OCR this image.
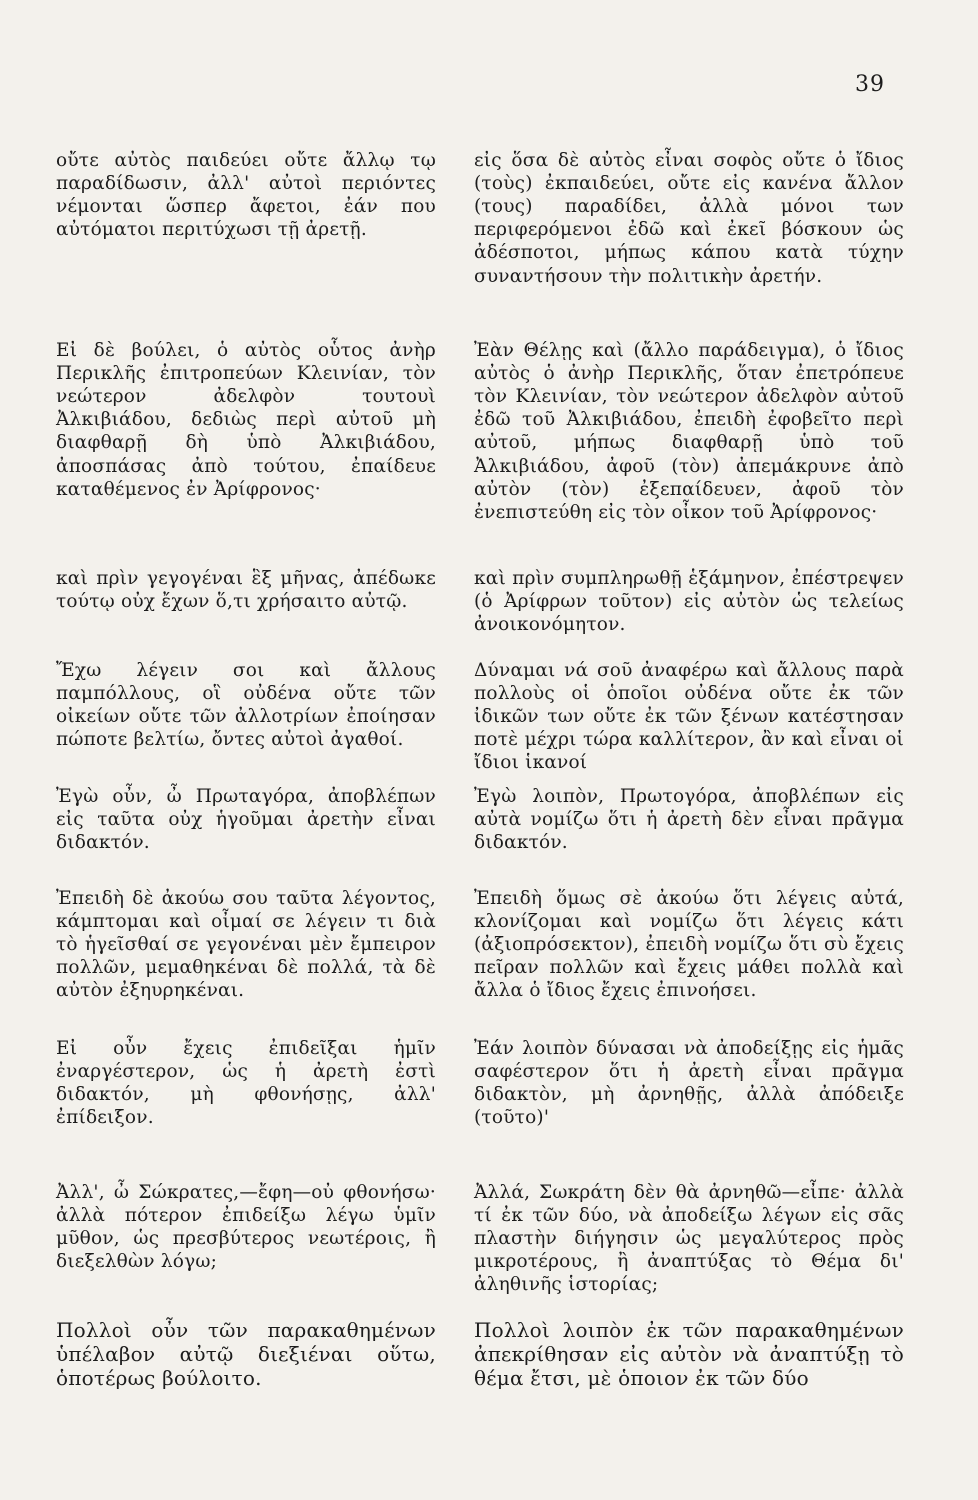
39

οὔτε αὐτὸς παιδεύει οὔτε ἄλλῳ τῳ παραδίδωσιν, ἀλλ' αὐτοὶ περιόντες νέμονται ὥσπερ ἄφετοι, ἐάν που αὐτόματοι περιτύχωσι τῇ ἀρετῇ.

Εἰ δὲ βούλει, ὁ αὐτὸς οὗτος ἀνὴρ Περικλῆς ἐπιτροπεύων Κλεινίαν, τὸν νεώτερον ἀδελφὸν τουτουὶ Ἀλκιβιάδου, δεδιὼς περὶ αὐτοῦ μὴ διαφθαρῇ δὴ ὑπὸ Ἀλκιβιάδου, ἀποσπάσας ἀπὸ τούτου, ἐπαίδευε καταθέμενος ἐν Ἀρίφρονος·

καὶ πρὶν γεγογέναι ἓξ μῆνας, ἀπέδωκε τούτῳ οὐχ ἔχων ὅ,τι χρήσαιτο αὐτῷ.

Ἔχω λέγειν σοι καὶ ἄλλους παμπόλλους, οἳ οὐδένα οὔτε τῶν οἰκείων οὔτε τῶν ἀλλοτρίων ἐποίησαν πώποτε βελτίω, ὄντες αὐτοὶ ἀγαθοί.

Ἐγὼ οὖν, ὦ Πρωταγόρα, ἀποβλέπων εἰς ταῦτα οὐχ ἡγοῦμαι ἀρετὴν εἶναι διδακτόν.

Ἐπειδὴ δὲ ἀκούω σου ταῦτα λέγοντος, κάμπτομαι καὶ οἶμαί σε λέγειν τι διὰ τὸ ἡγεῖσθαί σε γεγονέναι μὲν ἔμπειρον πολλῶν, μεμαθηκέναι δὲ πολλά, τὰ δὲ αὐτὸν ἐξηυρηκέναι.

Εἰ οὖν ἔχεις ἐπιδεῖξαι ἡμῖν ἐναργέστερον, ὡς ἡ ἀρετὴ ἐστὶ διδακτόν, μὴ φθονήσῃς, ἀλλ' ἐπίδειξον.

Ἀλλ', ὦ Σώκρατες,—ἔφη—οὐ φθονήσω· ἀλλὰ πότερον ἐπιδείξω λέγω ὑμῖν μῦθον, ὡς πρεσβύτερος νεωτέροις, ἢ διεξελθὼν λόγω;

Πολλοὶ οὖν τῶν παρακαθημένων ὑπέλαβον αὐτῷ διεξιέναι οὕτω, ὁποτέρως βούλοιτο.

εἰς ὅσα δὲ αὐτὸς εἶναι σοφὸς οὔτε ὁ ἴδιος (τοὺς) ἐκπαιδεύει, οὔτε εἰς κανένα ἄλλον (τους) παραδίδει, ἀλλὰ μόνοι των περιφερόμενοι ἐδῶ καὶ ἐκεῖ βόσκουν ὡς ἀδέσποτοι, μήπως κάπου κατὰ τύχην συναντήσουν τὴν πολιτικὴν ἀρετήν.

Ἐὰν Θέλῃς καὶ (ἄλλο παράδειγμα), ὁ ἴδιος αὐτὸς ὁ ἀνὴρ Περικλῆς, ὅταν ἐπετρόπευε τὸν Κλεινίαν, τὸν νεώτερον ἀδελφὸν αὐτοῦ ἐδῶ τοῦ Ἀλκιβιάδου, ἐπειδὴ ἐφοβεῖτο περὶ αὐτοῦ, μήπως διαφθαρῇ ὑπὸ τοῦ Ἀλκιβιάδου, ἀφοῦ (τὸν) ἀπεμάκρυνε ἀπὸ αὐτὸν (τὸν) ἐξεπαίδευεν, ἀφοῦ τὸν ἐνεπιστεύθη εἰς τὸν οἶκον τοῦ Ἀρίφρονος·

καὶ πρὶν συμπληρωθῇ ἑξάμηνον, ἐπέστρεψεν (ὁ Ἀρίφρων τοῦτον) εἰς αὐτὸν ὡς τελείως ἀνοικονόμητον.

Δύναμαι νά σοῦ ἀναφέρω καὶ ἄλλους παρὰ πολλοὺς οἱ ὁποῖοι οὐδένα οὔτε ἐκ τῶν ἰδικῶν των οὔτε ἐκ τῶν ξένων κατέστησαν ποτὲ μέχρι τώρα καλλίτερον, ἂν καὶ εἶναι οἱ ἴδιοι ἱκανοί

Ἐγὼ λοιπὸν, Πρωτογόρα, ἀποβλέπων εἰς αὐτὰ νομίζω ὅτι ἡ ἀρετὴ δὲν εἶναι πρᾶγμα διδακτόν.

Ἐπειδὴ ὅμως σὲ ἀκούω ὅτι λέγεις αὐτά, κλονίζομαι καὶ νομίζω ὅτι λέγεις κάτι (ἀξιοπρόσεκτον), ἐπειδὴ νομίζω ὅτι σὺ ἔχεις πεῖραν πολλῶν καὶ ἔχεις μάθει πολλὰ καὶ ἄλλα ὁ ἴδιος ἔχεις ἐπινοήσει.

Ἐάν λοιπὸν δύνασαι νὰ ἀποδείξῃς εἰς ἡμᾶς σαφέστερον ὅτι ἡ ἀρετὴ εἶναι πρᾶγμα διδακτὸν, μὴ ἀρνηθῇς, ἀλλὰ ἀπόδειξε (τοῦτο)'

Ἀλλά, Σωκράτη δὲν θὰ ἀρνηθῶ—εἶπε· ἀλλὰ τί ἐκ τῶν δύο, νὰ ἀποδείξω λέγων εἰς σᾶς πλαστὴν διήγησιν ὡς μεγαλύτερος πρὸς μικροτέρους, ἢ ἀναπτύξας τὸ Θέμα δι' ἀληθινῆς ἱστορίας;

Πολλοὶ λοιπὸν ἐκ τῶν παρακαθημένων ἀπεκρίθησαν εἰς αὐτὸν νὰ ἀναπτύξῃ τὸ θέμα ἔτσι, μὲ ὁποιον ἐκ τῶν δύο
